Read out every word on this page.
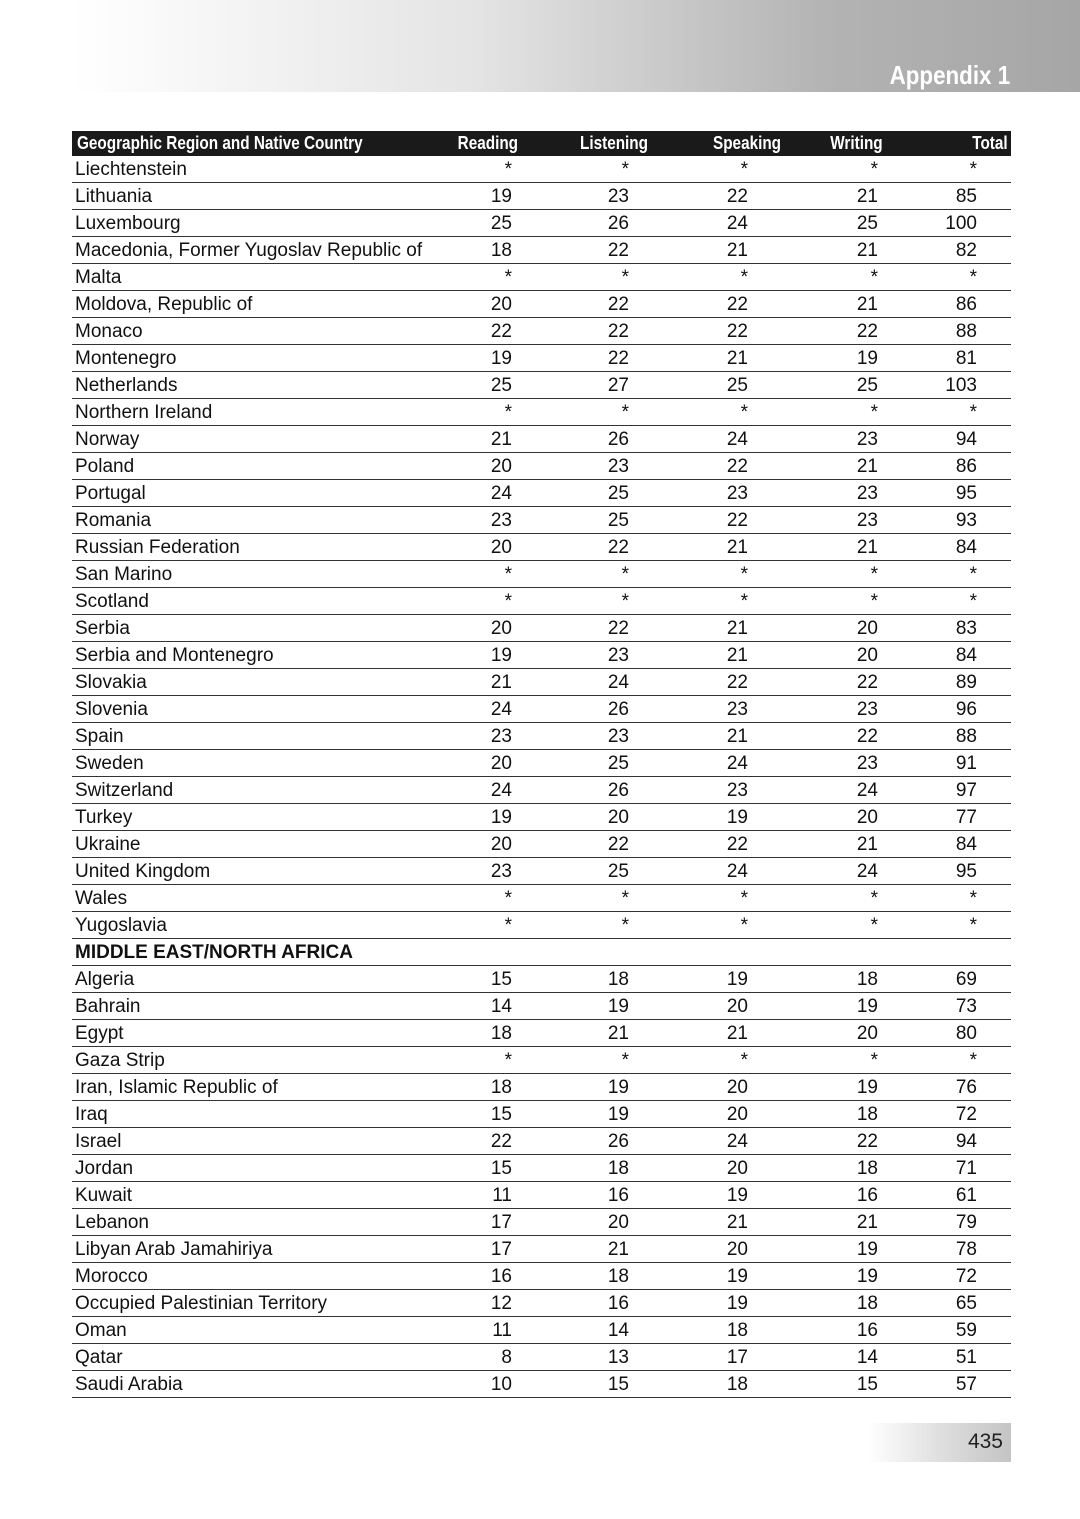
Appendix 1
Geographic Region and Native Country	Reading	Listening	Speaking	Writing	Total
Liechtenstein	*	*	*	*	*
Lithuania	19	23	22	21	85
Luxembourg	25	26	24	25	100
Macedonia, Former Yugoslav Republic of	18	22	21	21	82
Malta	*	*	*	*	*
Moldova, Republic of	20	22	22	21	86
Monaco	22	22	22	22	88
Montenegro	19	22	21	19	81
Netherlands	25	27	25	25	103
Northern Ireland	*	*	*	*	*
Norway	21	26	24	23	94
Poland	20	23	22	21	86
Portugal	24	25	23	23	95
Romania	23	25	22	23	93
Russian Federation	20	22	21	21	84
San Marino	*	*	*	*	*
Scotland	*	*	*	*	*
Serbia	20	22	21	20	83
Serbia and Montenegro	19	23	21	20	84
Slovakia	21	24	22	22	89
Slovenia	24	26	23	23	96
Spain	23	23	21	22	88
Sweden	20	25	24	23	91
Switzerland	24	26	23	24	97
Turkey	19	20	19	20	77
Ukraine	20	22	22	21	84
United Kingdom	23	25	24	24	95
Wales	*	*	*	*	*
Yugoslavia	*	*	*	*	*
MIDDLE EAST/NORTH AFRICA					
Algeria	15	18	19	18	69
Bahrain	14	19	20	19	73
Egypt	18	21	21	20	80
Gaza Strip	*	*	*	*	*
Iran, Islamic Republic of	18	19	20	19	76
Iraq	15	19	20	18	72
Israel	22	26	24	22	94
Jordan	15	18	20	18	71
Kuwait	11	16	19	16	61
Lebanon	17	20	21	21	79
Libyan Arab Jamahiriya	17	21	20	19	78
Morocco	16	18	19	19	72
Occupied Palestinian Territory	12	16	19	18	65
Oman	11	14	18	16	59
Qatar	8	13	17	14	51
Saudi Arabia	10	15	18	15	57
435
